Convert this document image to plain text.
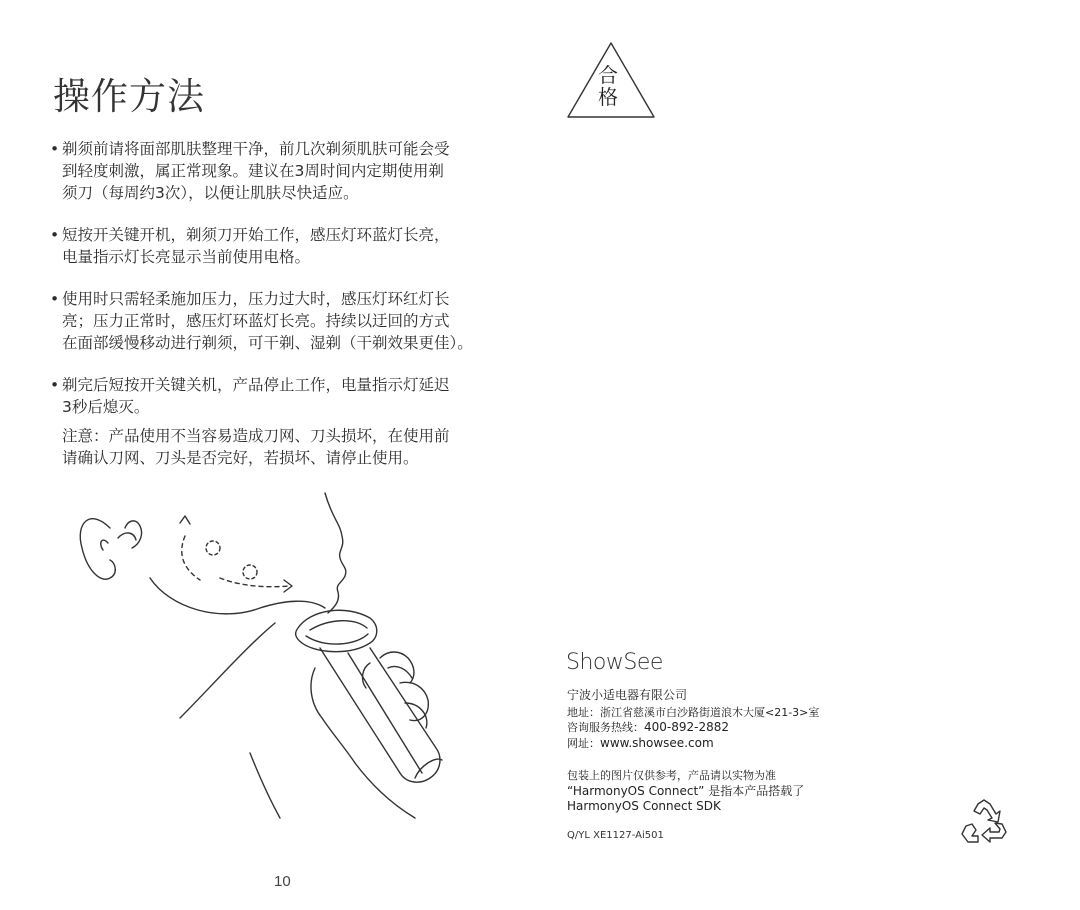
操作方法
• 剃须前请将面部肌肤整理干净，前几次剃须肌肤可能会受
到轻度刺激，属正常现象。建议在3周时间内定期使用剃
须刀（每周约3次），以便让肌肤尽快适应。
• 短按开关键开机，剃须刀开始工作，感压灯环蓝灯长亮，
电量指示灯长亮显示当前使用电格。
• 使用时只需轻柔施加压力，压力过大时，感压灯环红灯长
亮；压力正常时，感压灯环蓝灯长亮。持续以迂回的方式
在面部缓慢移动进行剃须，可干剃、湿剃（干剃效果更佳）。
• 剃完后短按开关键关机，产品停止工作，电量指示灯延迟
3秒后熄灭。
注意：产品使用不当容易造成刀网、刀头损坏，在使用前
请确认刀网、刀头是否完好，若损坏、请停止使用。
10
合
格
ShowSee
宁波小适电器有限公司
地址：浙江省慈溪市白沙路街道浪木大厦<21-3>室
咨询服务热线：400-892-2882
网址：www.showsee.com
包装上的图片仅供参考，产品请以实物为准
“HarmonyOS Connect” 是指本产品搭载了
HarmonyOS Connect SDK
Q/YL XE1127-Ai501
